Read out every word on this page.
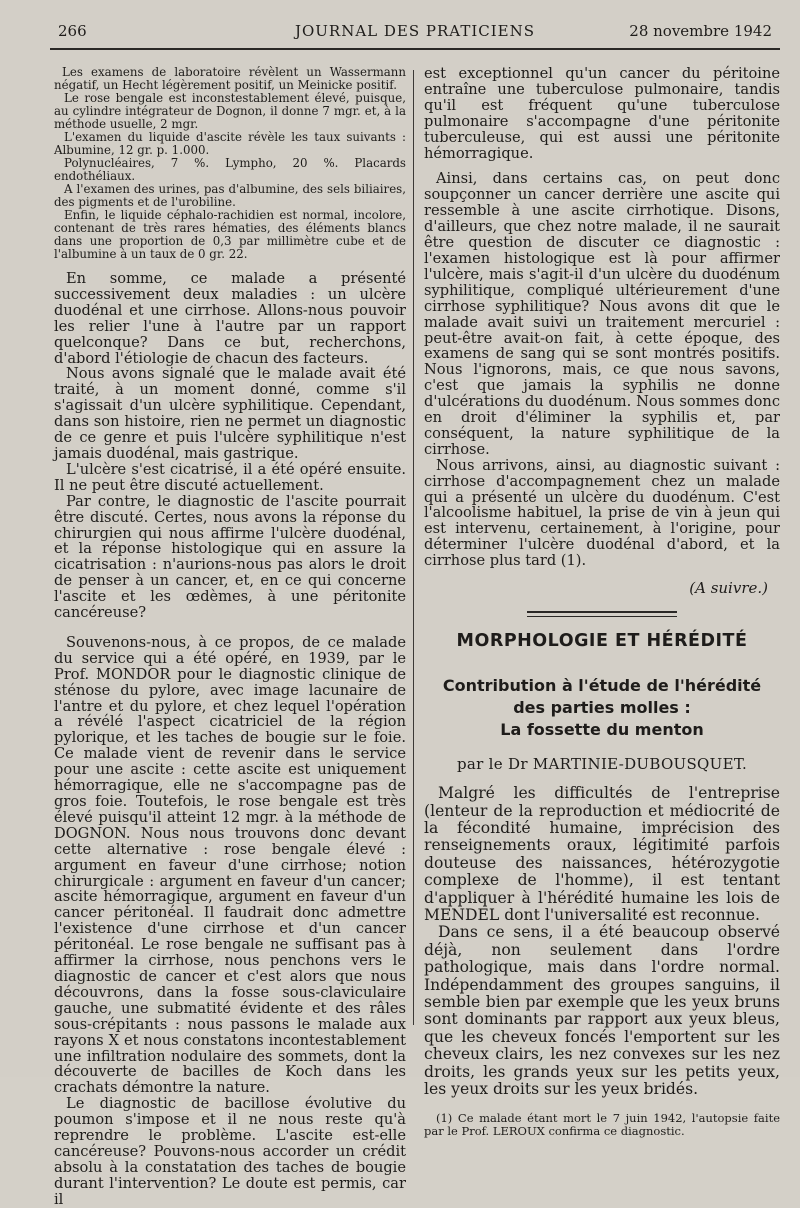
266	JOURNAL DES PRATICIENS	28 novembre 1942

Les examens de laboratoire révèlent un Wassermann négatif, un Hecht légèrement positif, un Meinicke positif.

Le rose bengale est inconstestablement élevé, puisque, au cylindre intégrateur de Dognon, il donne 7 mgr. et, à la méthode usuelle, 2 mgr.

L'examen du liquide d'ascite révèle les taux suivants : Albumine, 12 gr. p. 1.000.

Polynucléaires, 7 %. Lympho, 20 %. Placards endothéliaux.

A l'examen des urines, pas d'albumine, des sels biliaires, des pigments et de l'urobiline.

Enfin, le liquide céphalo-rachidien est normal, incolore, contenant de très rares hématies, des éléments blancs dans une proportion de 0,3 par millimètre cube et de l'albumine à un taux de 0 gr. 22.

En somme, ce malade a présenté successivement deux maladies : un ulcère duodénal et une cirrhose. Allons-nous pouvoir les relier l'une à l'autre par un rapport quelconque? Dans ce but, recherchons, d'abord l'étiologie de chacun des facteurs.

Nous avons signalé que le malade avait été traité, à un moment donné, comme s'il s'agissait d'un ulcère syphilitique. Cependant, dans son histoire, rien ne permet un diagnostic de ce genre et puis l'ulcère syphilitique n'est jamais duodénal, mais gastrique.

L'ulcère s'est cicatrisé, il a été opéré ensuite. Il ne peut être discuté actuellement.

Par contre, le diagnostic de l'ascite pourrait être discuté. Certes, nous avons la réponse du chirurgien qui nous affirme l'ulcère duodénal, et la réponse histologique qui en assure la cicatrisation : n'aurions-nous pas alors le droit de penser à un cancer, et, en ce qui concerne l'ascite et les œdèmes, à une péritonite cancéreuse?

Souvenons-nous, à ce propos, de ce malade du service qui a été opéré, en 1939, par le Prof. MONDOR pour le diagnostic clinique de sténose du pylore, avec image lacunaire de l'antre et du pylore, et chez lequel l'opération a révélé l'aspect cicatriciel de la région pylorique, et les taches de bougie sur le foie. Ce malade vient de revenir dans le service pour une ascite : cette ascite est uniquement hémorragique, elle ne s'accompagne pas de gros foie. Toutefois, le rose bengale est très élevé puisqu'il atteint 12 mgr. à la méthode de DOGNON. Nous nous trouvons donc devant cette alternative : rose bengale élevé : argument en faveur d'une cirrhose; notion chirurgicale : argument en faveur d'un cancer; ascite hémorragique, argument en faveur d'un cancer péritonéal. Il faudrait donc admettre l'existence d'une cirrhose et d'un cancer péritonéal. Le rose bengale ne suffisant pas à affirmer la cirrhose, nous penchons vers le diagnostic de cancer et c'est alors que nous découvrons, dans la fosse sous-claviculaire gauche, une submatité évidente et des râles sous-crépitants : nous passons le malade aux rayons X et nous constatons incontestablement une infiltration nodulaire des sommets, dont la découverte de bacilles de Koch dans les crachats démontre la nature.

Le diagnostic de bacillose évolutive du poumon s'impose et il ne nous reste qu'à reprendre le problème. L'ascite est-elle cancéreuse? Pouvons-nous accorder un crédit absolu à la constatation des taches de bougie durant l'intervention? Le doute est permis, car il

est exceptionnel qu'un cancer du péritoine entraîne une tuberculose pulmonaire, tandis qu'il est fréquent qu'une tuberculose pulmonaire s'accompagne d'une péritonite tuberculeuse, qui est aussi une péritonite hémorragique.

Ainsi, dans certains cas, on peut donc soupçonner un cancer derrière une ascite qui ressemble à une ascite cirrhotique. Disons, d'ailleurs, que chez notre malade, il ne saurait être question de discuter ce diagnostic : l'examen histologique est là pour affirmer l'ulcère, mais s'agit-il d'un ulcère du duodénum syphilitique, compliqué ultérieurement d'une cirrhose syphilitique? Nous avons dit que le malade avait suivi un traitement mercuriel : peut-être avait-on fait, à cette époque, des examens de sang qui se sont montrés positifs. Nous l'ignorons, mais, ce que nous savons, c'est que jamais la syphilis ne donne d'ulcérations du duodénum. Nous sommes donc en droit d'éliminer la syphilis et, par conséquent, la nature syphilitique de la cirrhose.

Nous arrivons, ainsi, au diagnostic suivant : cirrhose d'accompagnement chez un malade qui a présenté un ulcère du duodénum. C'est l'alcoolisme habituel, la prise de vin à jeun qui est intervenu, certainement, à l'origine, pour déterminer l'ulcère duodénal d'abord, et la cirrhose plus tard (1).

(A suivre.)
MORPHOLOGIE ET HÉRÉDITÉ
Contribution à l'étude de l'hérédité
des parties molles :
La fossette du menton
par le Dr MARTINIE-DUBOUSQUET.

Malgré les difficultés de l'entreprise (lenteur de la reproduction et médiocrité de la fécondité humaine, imprécision des renseignements oraux, légitimité parfois douteuse des naissances, hétérozygotie complexe de l'homme), il est tentant d'appliquer à l'hérédité humaine les lois de MENDEL dont l'universalité est reconnue.

Dans ce sens, il a été beaucoup observé déjà, non seulement dans l'ordre pathologique, mais dans l'ordre normal. Indépendamment des groupes sanguins, il semble bien par exemple que les yeux bruns sont dominants par rapport aux yeux bleus, que les cheveux foncés l'emportent sur les cheveux clairs, les nez convexes sur les nez droits, les grands yeux sur les petits yeux, les yeux droits sur les yeux bridés.

(1) Ce malade étant mort le 7 juin 1942, l'autopsie faite par le Prof. LEROUX confirma ce diagnostic.
